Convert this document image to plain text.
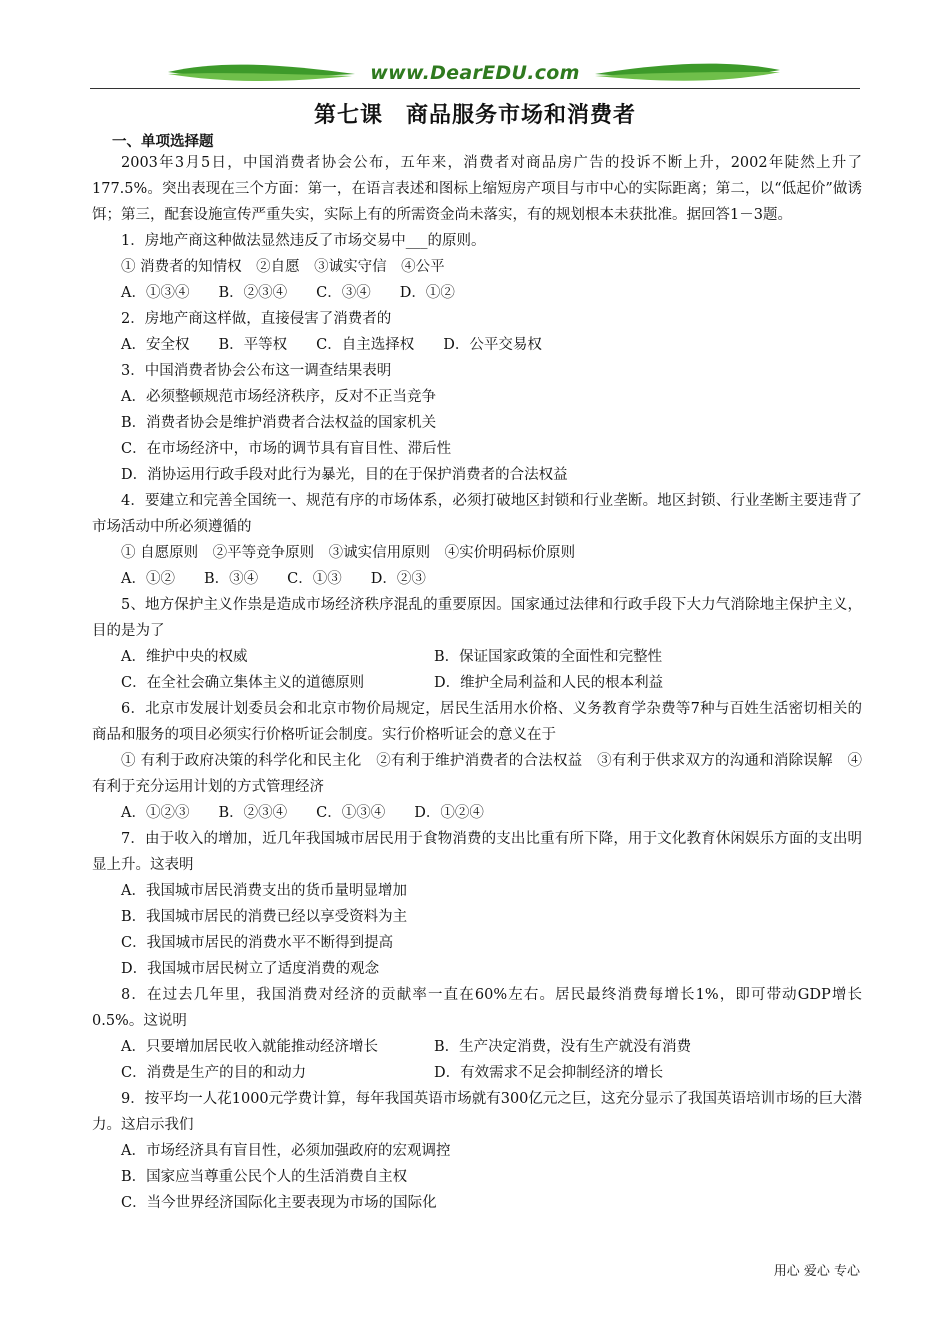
www.DearEDU.com
第七课　商品服务市场和消费者
一、单项选择题

2003年3月5日，中国消费者协会公布，五年来，消费者对商品房广告的投诉不断上升，2002年陡然上升了177.5%。突出表现在三个方面：第一，在语言表述和图标上缩短房产项目与市中心的实际距离；第二，以“低起价”做诱饵；第三，配套设施宣传严重失实，实际上有的所需资金尚未落实，有的规划根本未获批准。据回答1－3题。

1．房地产商这种做法显然违反了市场交易中___的原则。

① 消费者的知情权　②自愿　③诚实守信　④公平

A．①③④　　B．②③④　　C．③④　　D．①②

2．房地产商这样做，直接侵害了消费者的

A．安全权　　B．平等权　　C．自主选择权　　D．公平交易权

3．中国消费者协会公布这一调查结果表明

A．必须整顿规范市场经济秩序，反对不正当竞争

B．消费者协会是维护消费者合法权益的国家机关

C．在市场经济中，市场的调节具有盲目性、滞后性

D．消协运用行政手段对此行为暴光，目的在于保护消费者的合法权益

4．要建立和完善全国统一、规范有序的市场体系，必须打破地区封锁和行业垄断。地区封锁、行业垄断主要违背了市场活动中所必须遵循的

① 自愿原则　②平等竞争原则　③诚实信用原则　④实价明码标价原则

A．①②　　B．③④　　C．①③　　D．②③

5、地方保护主义作祟是造成市场经济秩序混乱的重要原因。国家通过法律和行政手段下大力气消除地主保护主义，目的是为了

A．维护中央的权威	B．保证国家政策的全面性和完整性
C．在全社会确立集体主义的道德原则	D．维护全局利益和人民的根本利益

6．北京市发展计划委员会和北京市物价局规定，居民生活用水价格、义务教育学杂费等7种与百姓生活密切相关的商品和服务的项目必须实行价格听证会制度。实行价格听证会的意义在于

① 有利于政府决策的科学化和民主化　②有利于维护消费者的合法权益　③有利于供求双方的沟通和消除误解　④有利于充分运用计划的方式管理经济

A．①②③　　B．②③④　　C．①③④　　D．①②④

7．由于收入的增加，近几年我国城市居民用于食物消费的支出比重有所下降，用于文化教育休闲娱乐方面的支出明显上升。这表明

A．我国城市居民消费支出的货币量明显增加

B．我国城市居民的消费已经以享受资料为主

C．我国城市居民的消费水平不断得到提高

D．我国城市居民树立了适度消费的观念

8．在过去几年里，我国消费对经济的贡献率一直在60%左右。居民最终消费每增长1%，即可带动GDP增长0.5%。这说明

A．只要增加居民收入就能推动经济增长	B．生产决定消费，没有生产就没有消费
C．消费是生产的目的和动力	D．有效需求不足会抑制经济的增长

9．按平均一人花1000元学费计算，每年我国英语市场就有300亿元之巨，这充分显示了我国英语培训市场的巨大潜力。这启示我们

A．市场经济具有盲目性，必须加强政府的宏观调控

B．国家应当尊重公民个人的生活消费自主权

C．当今世界经济国际化主要表现为市场的国际化

用心 爱心 专心
